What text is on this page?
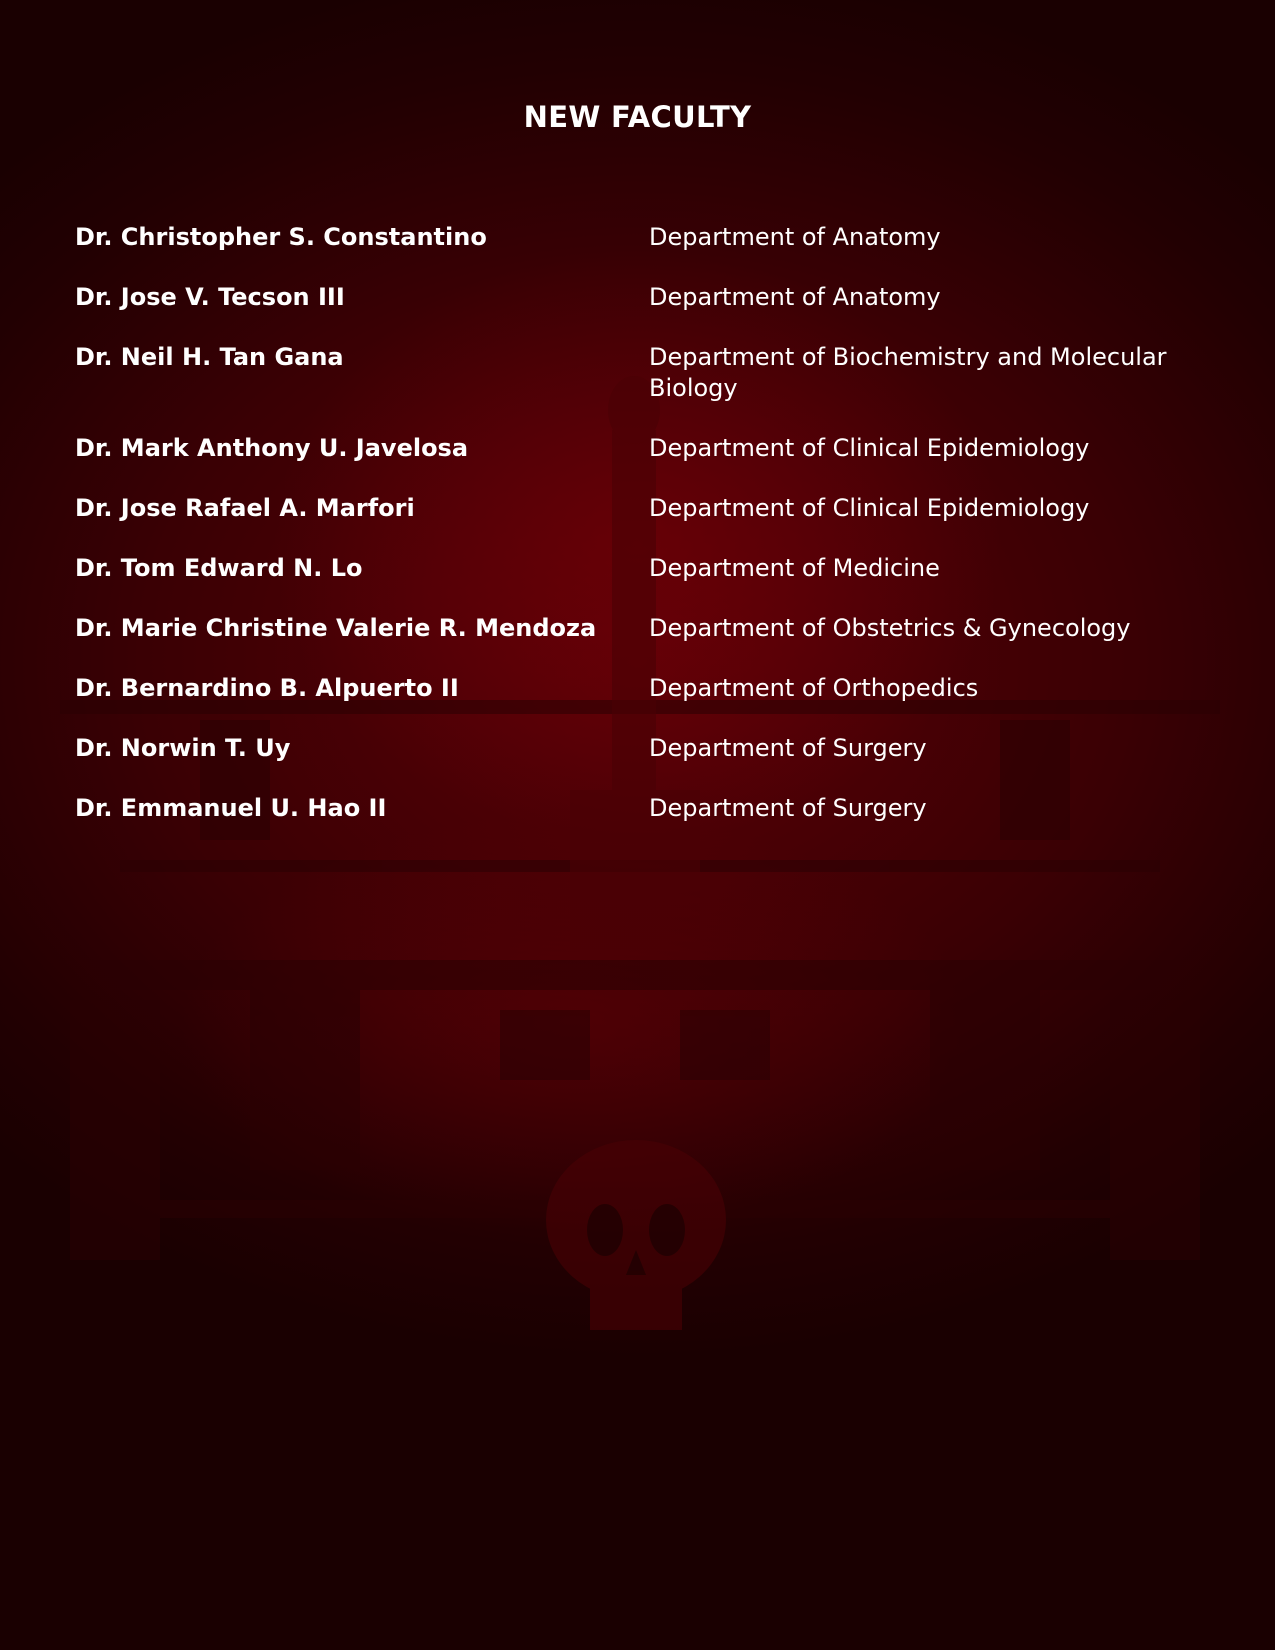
NEW FACULTY
Dr. Christopher S. Constantino	Department of Anatomy
Dr. Jose V. Tecson III	Department of Anatomy
Dr. Neil H. Tan Gana	Department of Biochemistry and Molecular Biology
Dr. Mark Anthony U. Javelosa	Department of Clinical Epidemiology
Dr. Jose Rafael A. Marfori	Department of Clinical Epidemiology
Dr. Tom Edward N. Lo	Department of Medicine
Dr. Marie Christine Valerie R. Mendoza	Department of Obstetrics & Gynecology
Dr. Bernardino B. Alpuerto II	Department of Orthopedics
Dr. Norwin T. Uy	Department of Surgery
Dr. Emmanuel U. Hao II	Department of Surgery
